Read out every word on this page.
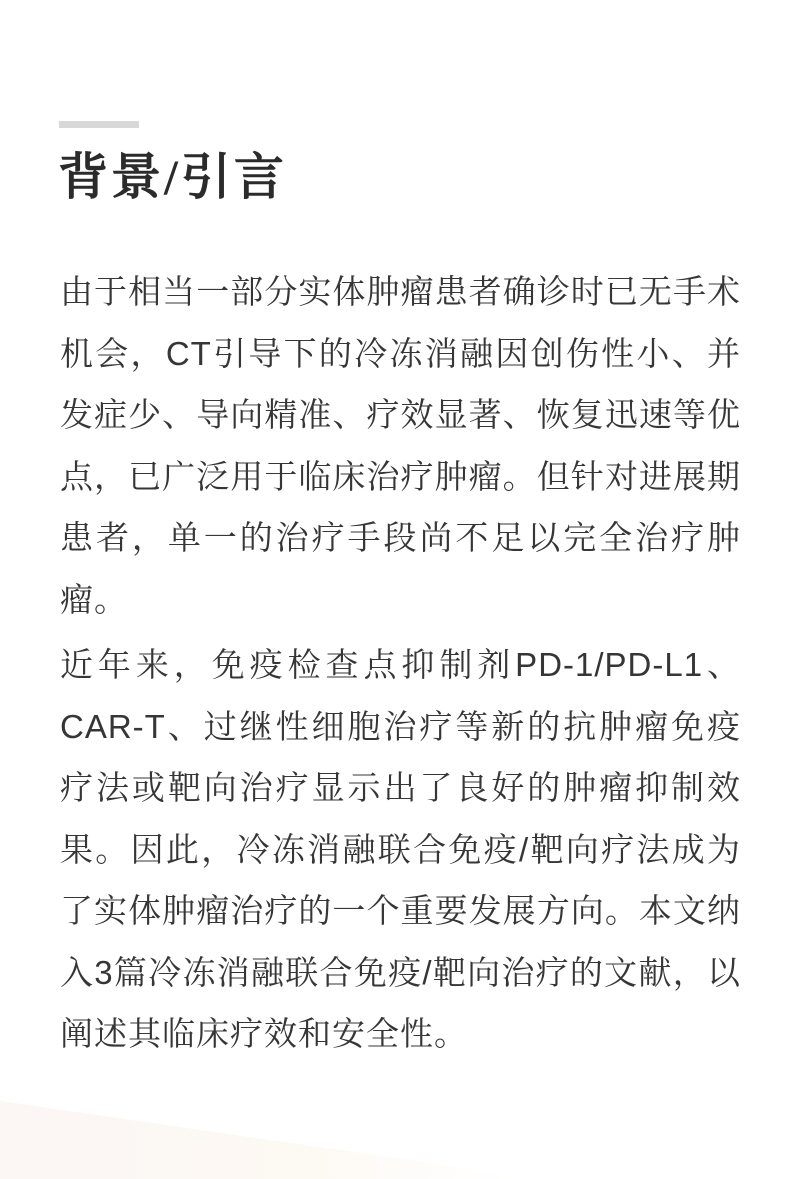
背景/引言

由于相当一部分实体肿瘤患者确诊时已无手术机会，CT引导下的冷冻消融因创伤性小、并发症少、导向精准、疗效显著、恢复迅速等优点，已广泛用于临床治疗肿瘤。但针对进展期患者，单一的治疗手段尚不足以完全治疗肿瘤。

近年来，免疫检查点抑制剂PD-1/PD-L1、CAR-T、过继性细胞治疗等新的抗肿瘤免疫疗法或靶向治疗显示出了良好的肿瘤抑制效果。因此，冷冻消融联合免疫/靶向疗法成为了实体肿瘤治疗的一个重要发展方向。本文纳入3篇冷冻消融联合免疫/靶向治疗的文献，以阐述其临床疗效和安全性。
